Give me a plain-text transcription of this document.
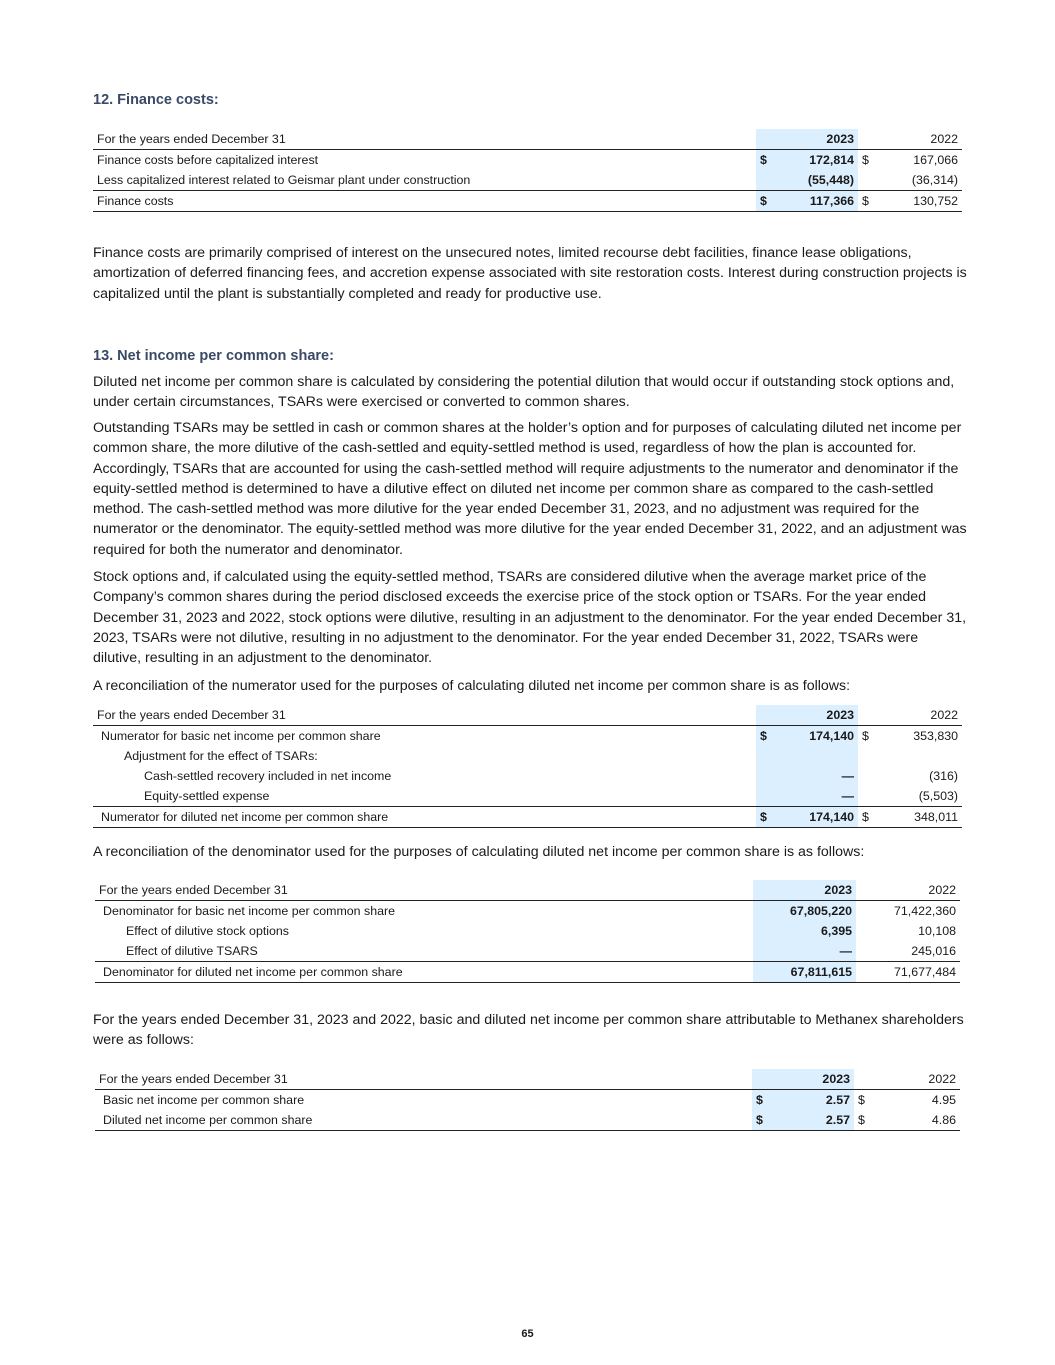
12. Finance costs:
For the years ended December 31		2023		2022
Finance costs before capitalized interest	$	172,814	$	167,066
Less capitalized interest related to Geismar plant under construction		(55,448)		(36,314)
Finance costs	$	117,366	$	130,752

Finance costs are primarily comprised of interest on the unsecured notes, limited recourse debt facilities, finance lease obligations, amortization of deferred financing fees, and accretion expense associated with site restoration costs. Interest during construction projects is capitalized until the plant is substantially completed and ready for productive use.

13. Net income per common share:

Diluted net income per common share is calculated by considering the potential dilution that would occur if outstanding stock options and, under certain circumstances, TSARs were exercised or converted to common shares.

Outstanding TSARs may be settled in cash or common shares at the holder’s option and for purposes of calculating diluted net income per common share, the more dilutive of the cash-settled and equity-settled method is used, regardless of how the plan is accounted for. Accordingly, TSARs that are accounted for using the cash-settled method will require adjustments to the numerator and denominator if the equity-settled method is determined to have a dilutive effect on diluted net income per common share as compared to the cash-settled method. The cash-settled method was more dilutive for the year ended December 31, 2023, and no adjustment was required for the numerator or the denominator. The equity-settled method was more dilutive for the year ended December 31, 2022, and an adjustment was required for both the numerator and denominator.

Stock options and, if calculated using the equity-settled method, TSARs are considered dilutive when the average market price of the Company’s common shares during the period disclosed exceeds the exercise price of the stock option or TSARs. For the year ended December 31, 2023 and 2022, stock options were dilutive, resulting in an adjustment to the denominator. For the year ended December 31, 2023, TSARs were not dilutive, resulting in no adjustment to the denominator. For the year ended December 31, 2022, TSARs were dilutive, resulting in an adjustment to the denominator.

A reconciliation of the numerator used for the purposes of calculating diluted net income per common share is as follows:

For the years ended December 31		2023		2022
Numerator for basic net income per common share	$	174,140	$	353,830
Adjustment for the effect of TSARs:				
Cash-settled recovery included in net income		—		(316)
Equity-settled expense		—		(5,503)
Numerator for diluted net income per common share	$	174,140	$	348,011

A reconciliation of the denominator used for the purposes of calculating diluted net income per common share is as follows:

For the years ended December 31	2023	2022
Denominator for basic net income per common share	67,805,220	71,422,360
Effect of dilutive stock options	6,395	10,108
Effect of dilutive TSARS	—	245,016
Denominator for diluted net income per common share	67,811,615	71,677,484

For the years ended December 31, 2023 and 2022, basic and diluted net income per common share attributable to Methanex shareholders were as follows:

For the years ended December 31		2023		2022
Basic net income per common share	$	2.57	$	4.95
Diluted net income per common share	$	2.57	$	4.86
65
